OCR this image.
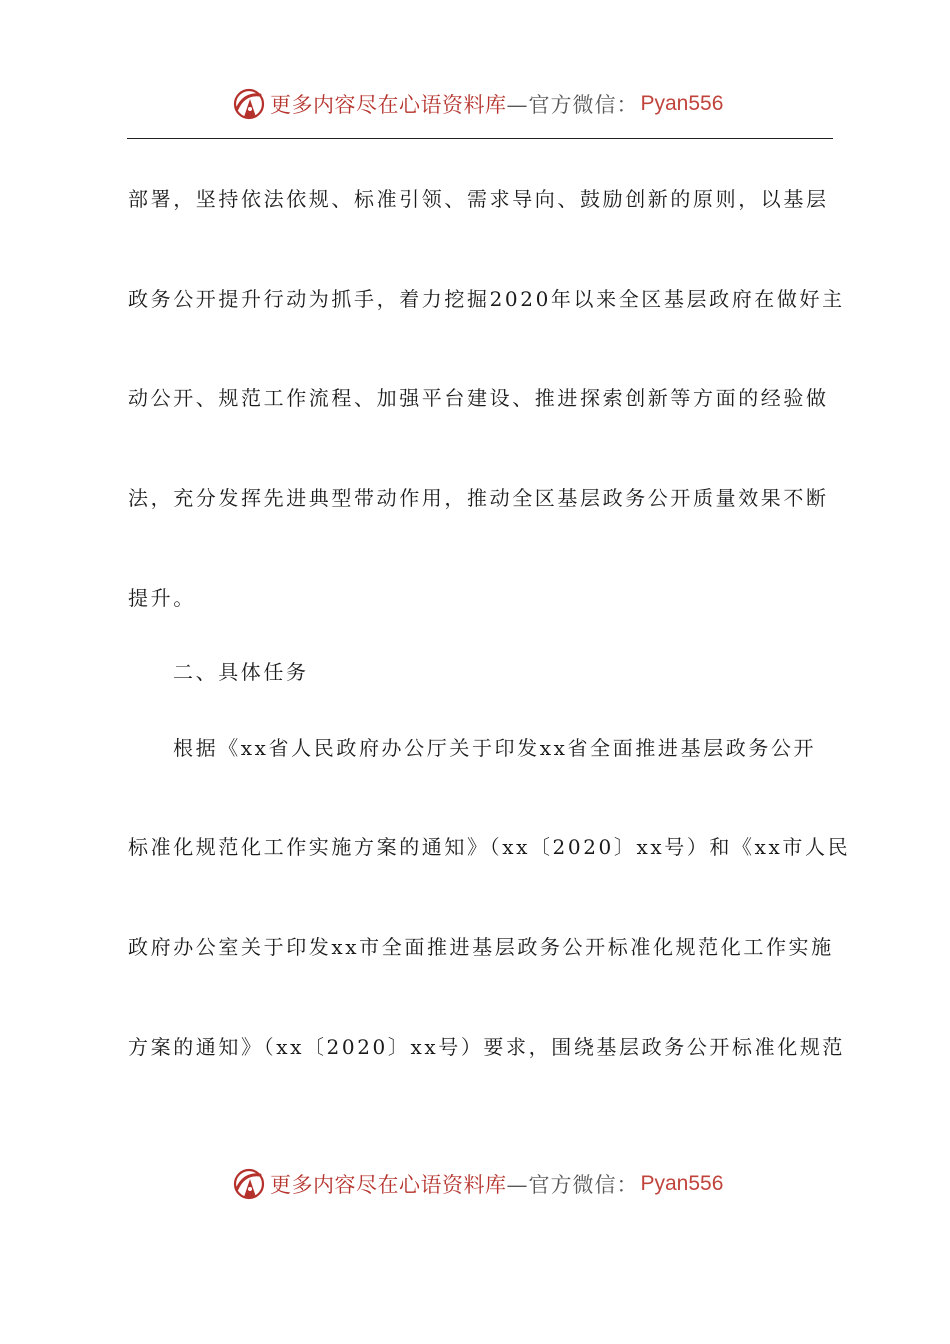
更多内容尽在心语资料库 —官方微信： Pyan556
部署，坚持依法依规、标准引领、需求导向、鼓励创新的原则，以基层
政务公开提升行动为抓手，着力挖掘2020年以来全区基层政府在做好主
动公开、规范工作流程、加强平台建设、推进探索创新等方面的经验做
法，充分发挥先进典型带动作用，推动全区基层政务公开质量效果不断
提升。
二、具体任务
根据《xx省人民政府办公厅关于印发xx省全面推进基层政务公开
标准化规范化工作实施方案的通知》（xx〔2020〕xx号）和《xx市人民
政府办公室关于印发xx市全面推进基层政务公开标准化规范化工作实施
方案的通知》（xx〔2020〕xx号）要求，围绕基层政务公开标准化规范
更多内容尽在心语资料库 —官方微信： Pyan556
